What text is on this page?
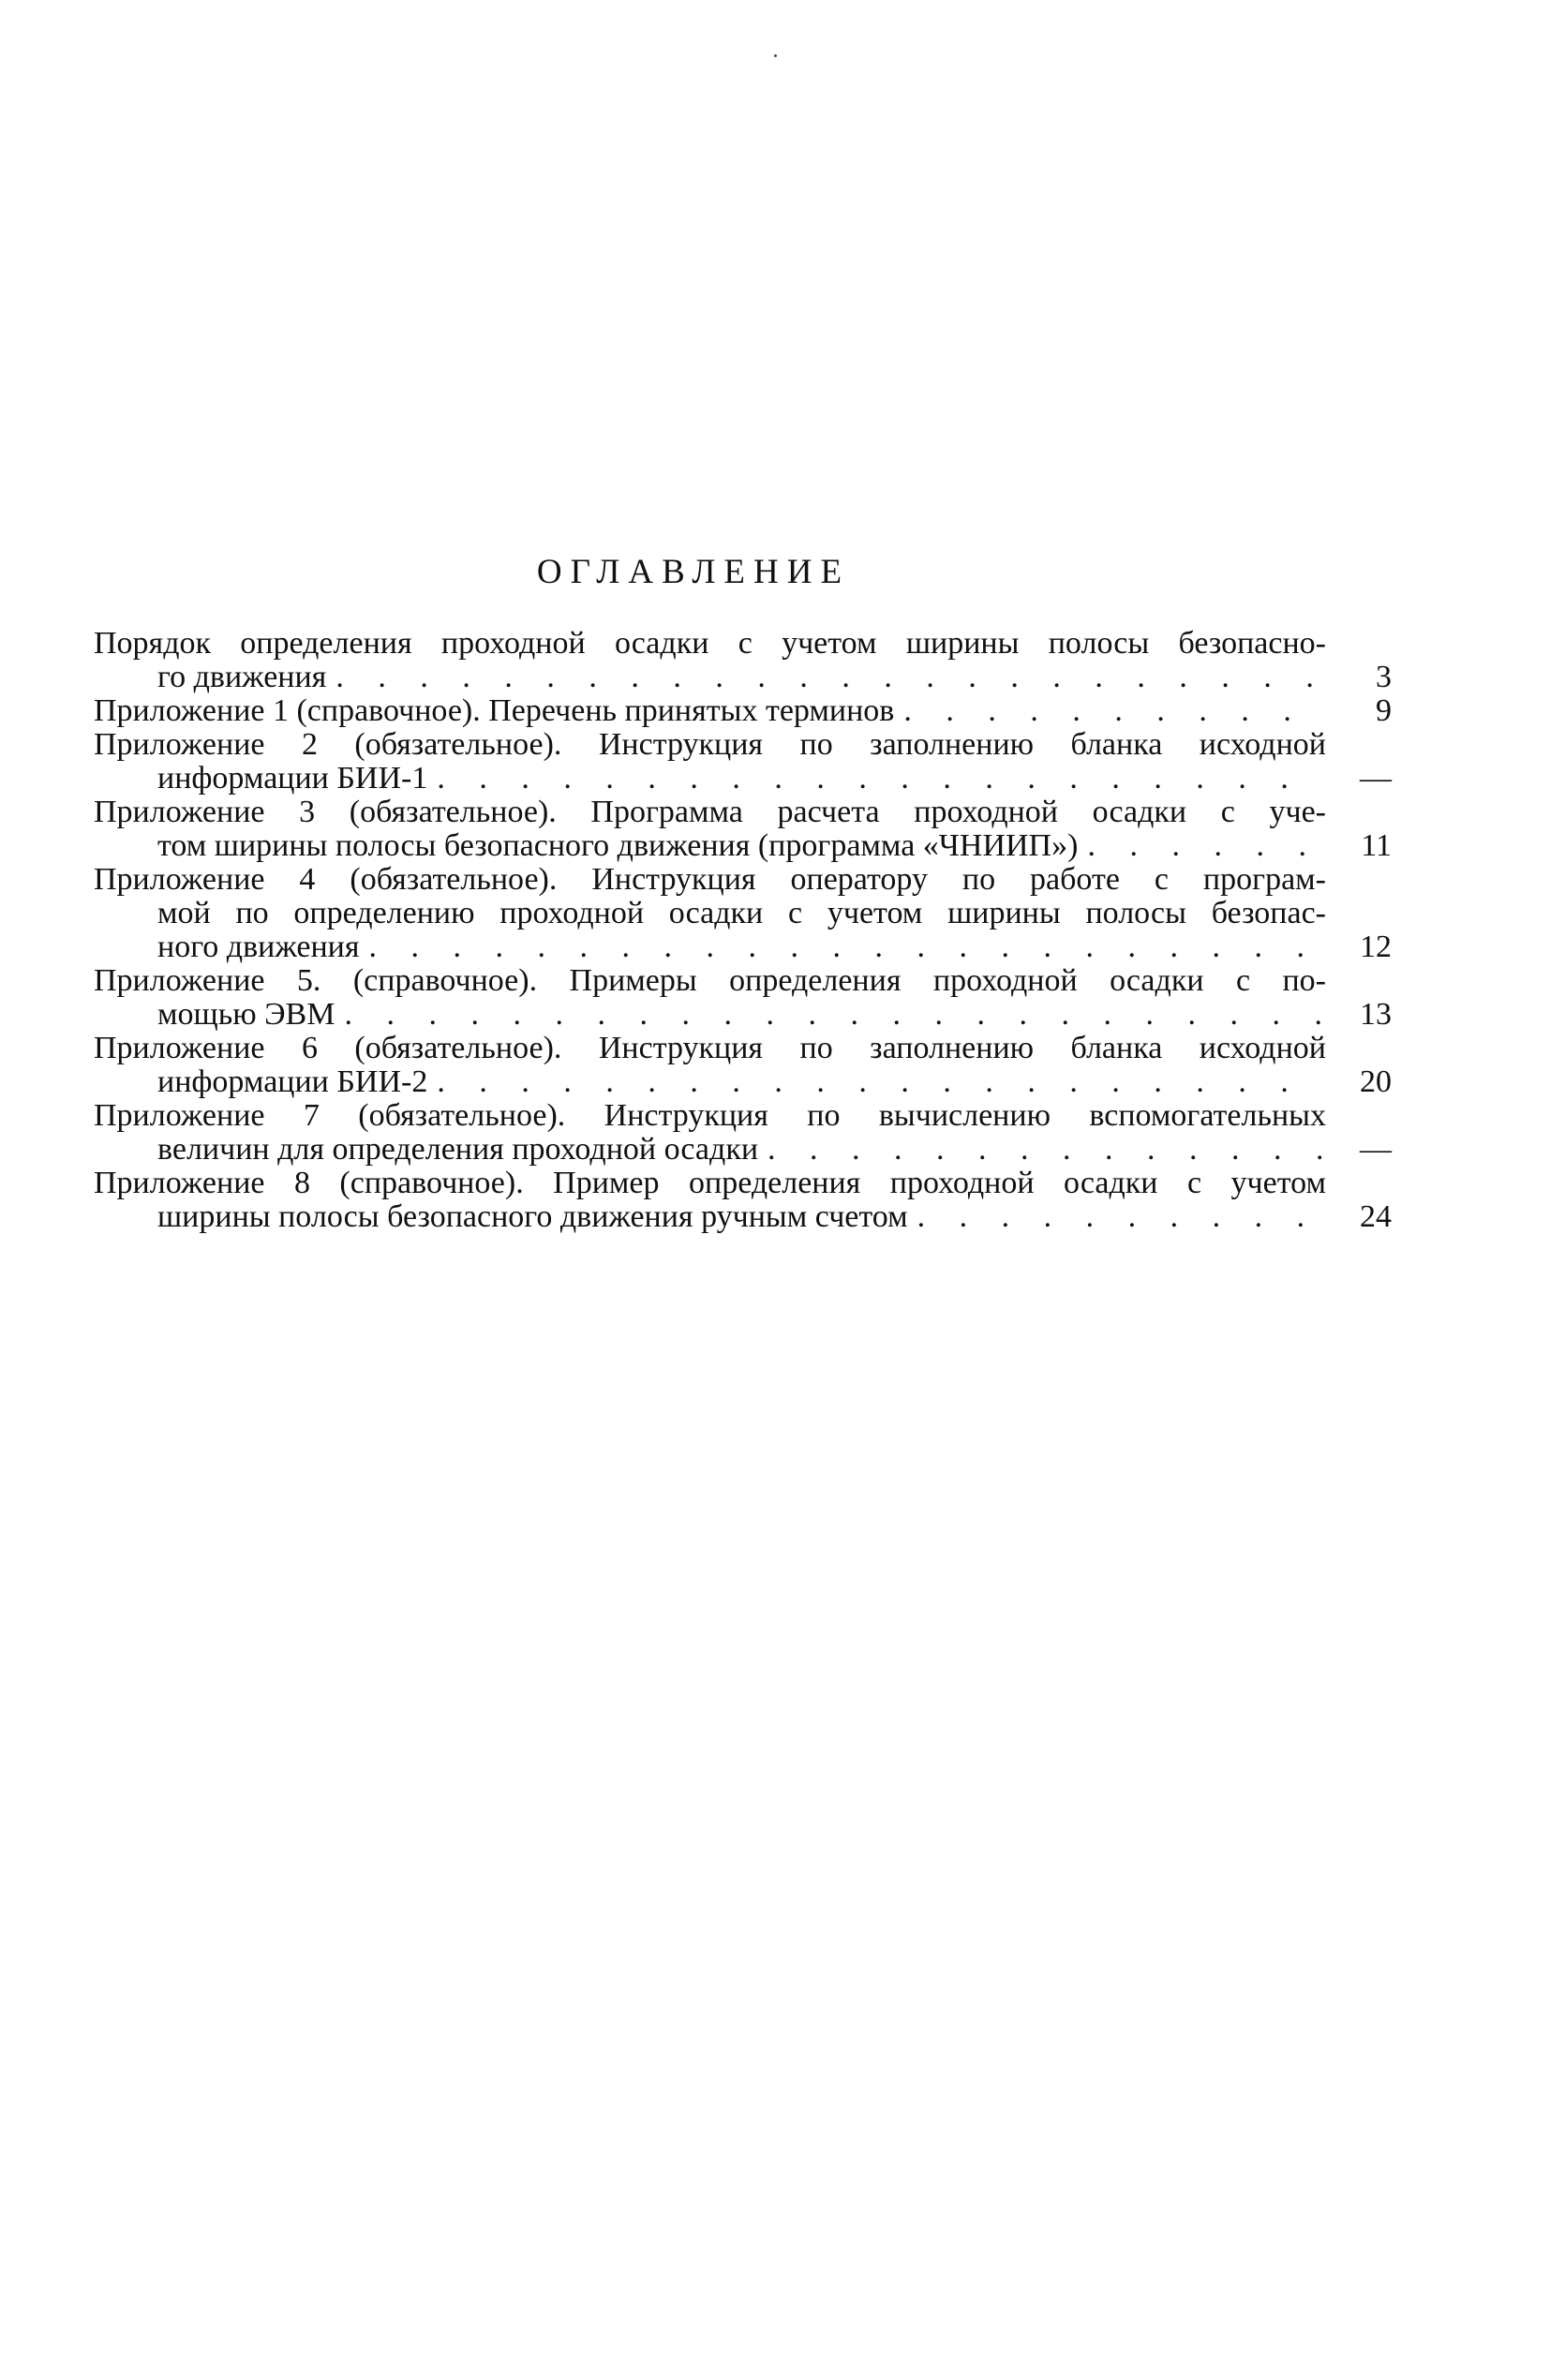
ОГЛАВЛЕНИЕ
Порядок определения проходной осадки с учетом ширины полосы безопасно-
го движения . . .	3
Приложение 1 (справочное). Перечень принятых терминов . . .	9
Приложение 2 (обязательное). Инструкция по заполнению бланка исходной
информации БИИ-1 . . .	—
Приложение 3 (обязательное). Программа расчета проходной осадки с уче-
том ширины полосы безопасного движения (программа «ЧНИИП») . . .	11
Приложение 4 (обязательное). Инструкция оператору по работе с програм-
мой по определению проходной осадки с учетом ширины полосы безопас-
ного движения . . .	12
Приложение 5. (справочное). Примеры определения проходной осадки с по-
мощью ЭВМ . . .	13
Приложение 6 (обязательное). Инструкция по заполнению бланка исходной
информации БИИ-2 . . .	20
Приложение 7 (обязательное). Инструкция по вычислению вспомогательных
величин для определения проходной осадки . . .	—
Приложение 8 (справочное). Пример определения проходной осадки с учетом
ширины полосы безопасного движения ручным счетом . . .	24
